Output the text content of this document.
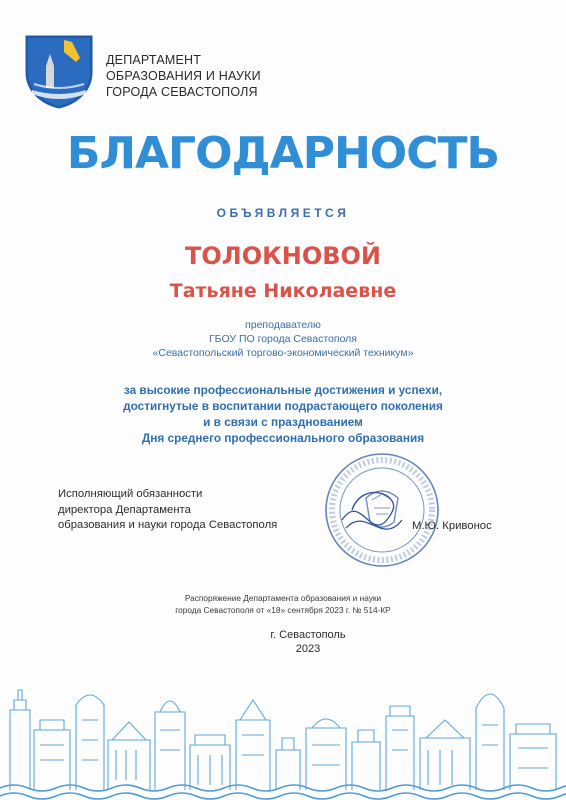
ДЕПАРТАМЕНТ
ОБРАЗОВАНИЯ И НАУКИ
ГОРОДА СЕВАСТОПОЛЯ
БЛАГОДАРНОСТЬ
ОБЪЯВЛЯЕТСЯ
ТОЛОКНОВОЙ
Татьяне Николаевне
преподавателю
ГБОУ ПО города Севастополя
«Севастопольский торгово-экономический техникум»
за высокие профессиональные достижения и успехи,
достигнутые в воспитании подрастающего поколения
и в связи с празднованием
Дня среднего профессионального образования
Исполняющий обязанности
директора Департамента
образования и науки города Севастополя	М.Ю. Кривонос
Распоряжение Департамента образования и науки
города Севастополя от «18» сентября 2023 г. № 514-КР
г. Севастополь
2023
